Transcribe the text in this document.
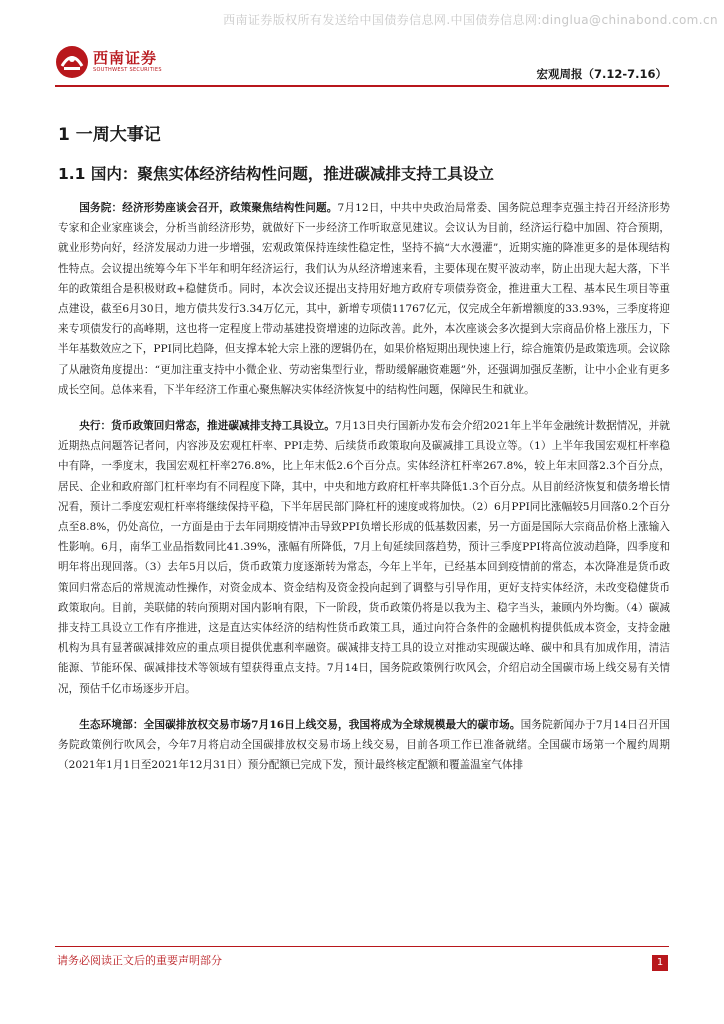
西南证券版权所有发送给中国债券信息网.中国债券信息网:dinglua@chinabond.com.cn
西南证券
SOUTHWEST SECURITIES	宏观周报（7.12-7.16）
1 一周大事记
1.1 国内：聚焦实体经济结构性问题，推进碳减排支持工具设立

国务院：经济形势座谈会召开，政策聚焦结构性问题。7月12日，中共中央政治局常委、国务院总理李克强主持召开经济形势专家和企业家座谈会，分析当前经济形势，就做好下一步经济工作听取意见建议。会议认为目前，经济运行稳中加固、符合预期，就业形势向好，经济发展动力进一步增强，宏观政策保持连续性稳定性，坚持不搞“大水漫灌”，近期实施的降准更多的是体现结构性特点。会议提出统筹今年下半年和明年经济运行，我们认为从经济增速来看，主要体现在熨平波动率，防止出现大起大落，下半年的政策组合是积极财政+稳健货币。同时，本次会议还提出支持用好地方政府专项债券资金，推进重大工程、基本民生项目等重点建设，截至6月30日，地方债共发行3.34万亿元，其中，新增专项债11767亿元，仅完成全年新增额度的33.93%，三季度将迎来专项债发行的高峰期，这也将一定程度上带动基建投资增速的边际改善。此外，本次座谈会多次提到大宗商品价格上涨压力，下半年基数效应之下，PPI同比趋降，但支撑本轮大宗上涨的逻辑仍在，如果价格短期出现快速上行，综合施策仍是政策选项。会议除了从融资角度提出：“更加注重支持中小微企业、劳动密集型行业，帮助缓解融资难题”外，还强调加强反垄断，让中小企业有更多成长空间。总体来看，下半年经济工作重心聚焦解决实体经济恢复中的结构性问题，保障民生和就业。

央行：货币政策回归常态，推进碳减排支持工具设立。7月13日央行国新办发布会介绍2021年上半年金融统计数据情况，并就近期热点问题答记者问，内容涉及宏观杠杆率、PPI走势、后续货币政策取向及碳减排工具设立等。（1）上半年我国宏观杠杆率稳中有降，一季度末，我国宏观杠杆率276.8%，比上年末低2.6个百分点。实体经济杠杆率267.8%，较上年末回落2.3个百分点，居民、企业和政府部门杠杆率均有不同程度下降，其中，中央和地方政府杠杆率共降低1.3个百分点。从目前经济恢复和债务增长情况看，预计二季度宏观杠杆率将继续保持平稳，下半年居民部门降杠杆的速度或将加快。（2）6月PPI同比涨幅较5月回落0.2个百分点至8.8%，仍处高位，一方面是由于去年同期疫情冲击导致PPI负增长形成的低基数因素，另一方面是国际大宗商品价格上涨输入性影响。6月，南华工业品指数同比41.39%，涨幅有所降低，7月上旬延续回落趋势，预计三季度PPI将高位波动趋降，四季度和明年将出现回落。（3）去年5月以后，货币政策力度逐渐转为常态，今年上半年，已经基本回到疫情前的常态，本次降准是货币政策回归常态后的常规流动性操作，对资金成本、资金结构及资金投向起到了调整与引导作用，更好支持实体经济，未改变稳健货币政策取向。目前，美联储的转向预期对国内影响有限，下一阶段，货币政策仍将是以我为主、稳字当头，兼顾内外均衡。（4）碳减排支持工具设立工作有序推进，这是直达实体经济的结构性货币政策工具，通过向符合条件的金融机构提供低成本资金，支持金融机构为具有显著碳减排效应的重点项目提供优惠利率融资。碳减排支持工具的设立对推动实现碳达峰、碳中和具有加成作用，清洁能源、节能环保、碳减排技术等领域有望获得重点支持。7月14日，国务院政策例行吹风会，介绍启动全国碳市场上线交易有关情况，预估千亿市场逐步开启。

生态环境部：全国碳排放权交易市场7月16日上线交易，我国将成为全球规模最大的碳市场。国务院新闻办于7月14日召开国务院政策例行吹风会，今年7月将启动全国碳排放权交易市场上线交易，目前各项工作已准备就绪。全国碳市场第一个履约周期（2021年1月1日至2021年12月31日）预分配额已完成下发，预计最终核定配额和覆盖温室气体排

请务必阅读正文后的重要声明部分	1
